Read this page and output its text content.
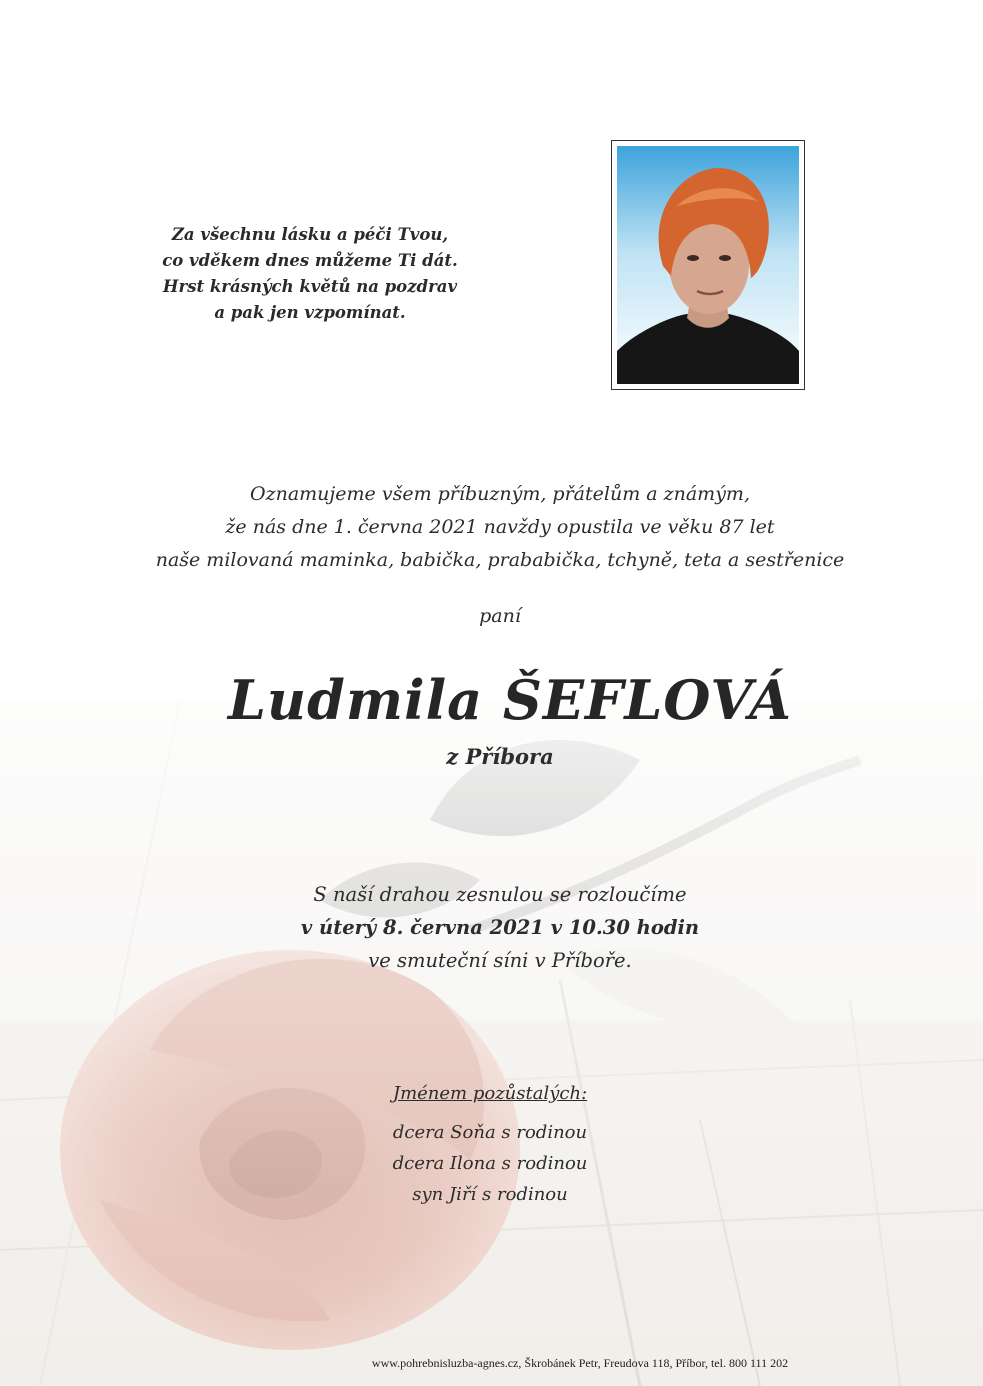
Za všechnu lásku a péči Tvou,
co vděkem dnes můžeme Ti dát.
Hrst krásných květů na pozdrav
a pak jen vzpomínat.
Oznamujeme všem příbuzným, přátelům a známým,
že nás dne 1. června 2021 navždy opustila ve věku 87 let
naše milovaná maminka, babička, prababička, tchyně, teta a sestřenice
paní
Ludmila ŠEFLOVÁ
z Příbora
S naší drahou zesnulou se rozloučíme
v úterý 8. června 2021 v 10.30 hodin
ve smuteční síni v Příboře.
Jménem pozůstalých:
dcera Soňa s rodinou
dcera Ilona s rodinou
syn Jiří s rodinou
www.pohrebnisluzba-agnes.cz, Škrobánek Petr, Freudova 118, Příbor, tel. 800 111 202
